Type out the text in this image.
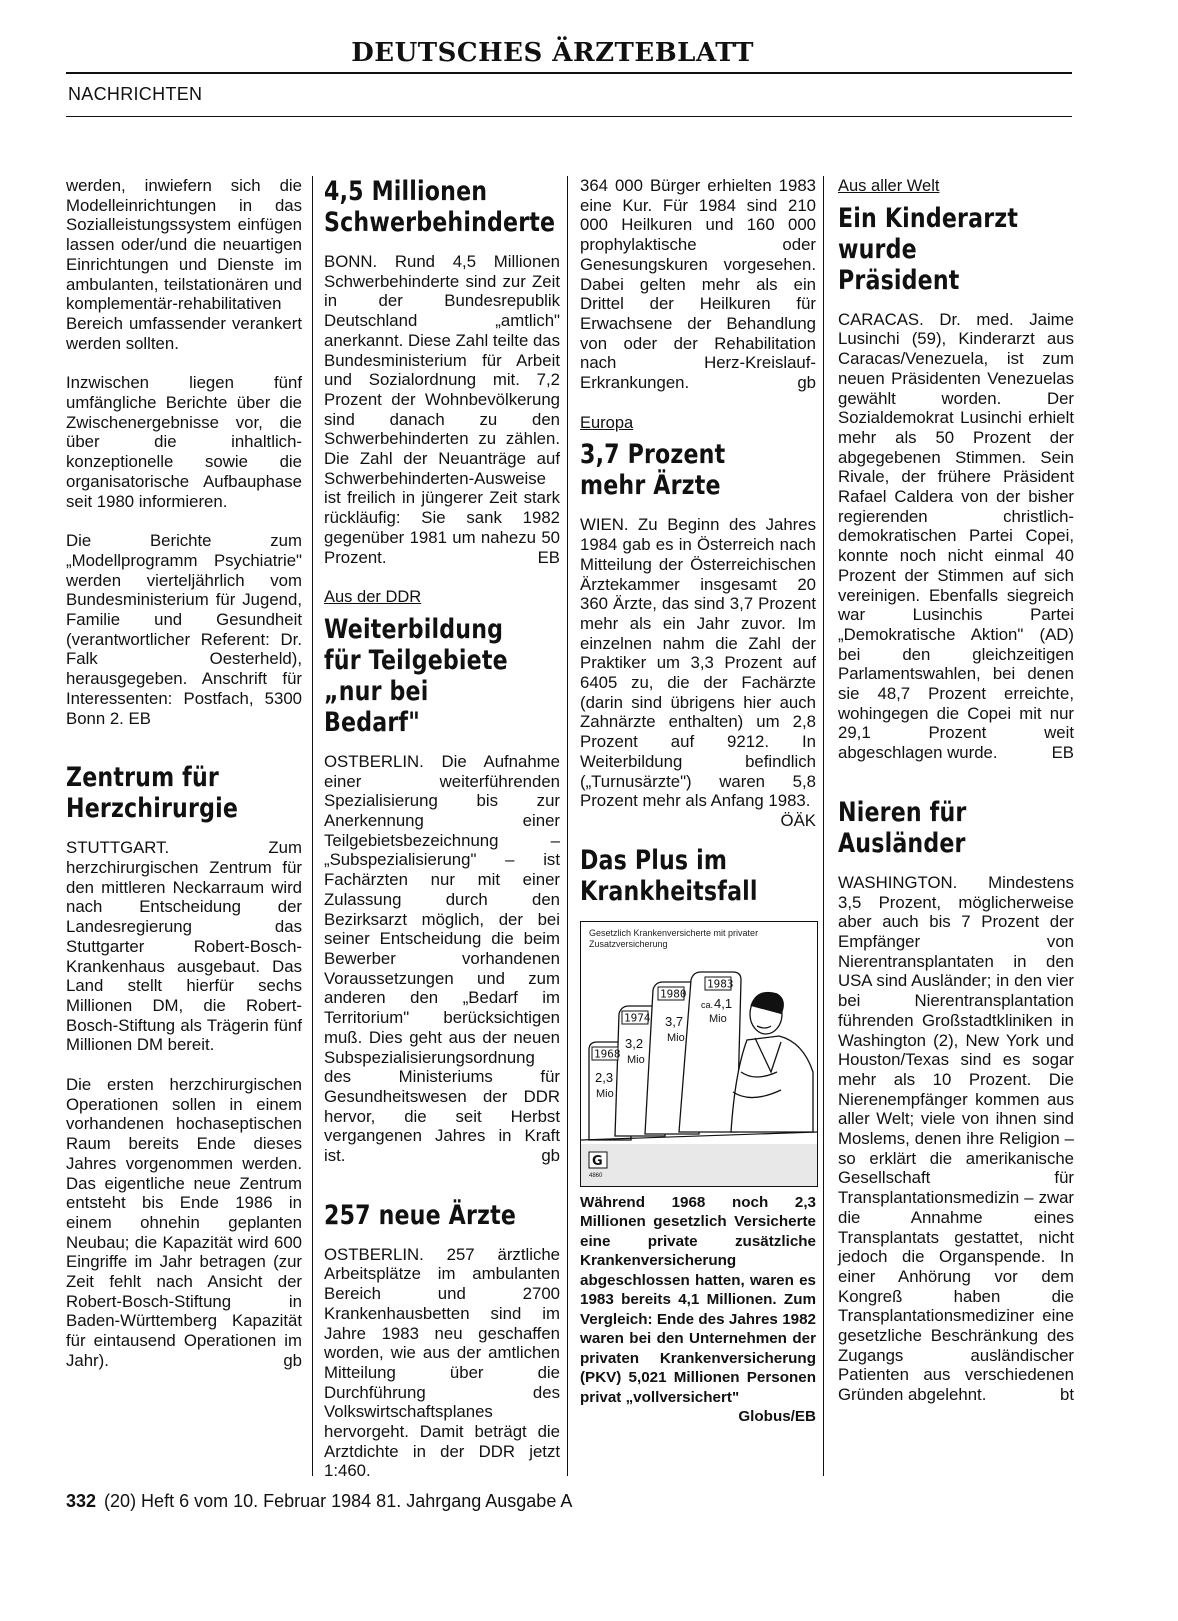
DEUTSCHES ÄRZTEBLATT
NACHRICHTEN

werden, inwiefern sich die Modelleinrichtungen in das Sozialleistungssystem einfügen lassen oder/und die neuartigen Einrichtungen und Dienste im ambulanten, teilstationären und komplementär-rehabilitativen Bereich umfassender verankert werden sollten.

Inzwischen liegen fünf umfängliche Berichte über die Zwischenergebnisse vor, die über die inhaltlich-konzeptionelle sowie die organisatorische Aufbauphase seit 1980 informieren.

Die Berichte zum „Modellprogramm Psychiatrie" werden vierteljährlich vom Bundesministerium für Jugend, Familie und Gesundheit (verantwortlicher Referent: Dr. Falk Oesterheld), herausgegeben. Anschrift für Interessenten: Postfach, 5300 Bonn 2. EB

Zentrum für Herzchirurgie

STUTTGART. Zum herzchirurgischen Zentrum für den mittleren Neckarraum wird nach Entscheidung der Landesregierung das Stuttgarter Robert-Bosch-Krankenhaus ausgebaut. Das Land stellt hierfür sechs Millionen DM, die Robert-Bosch-Stiftung als Trägerin fünf Millionen DM bereit.

Die ersten herzchirurgischen Operationen sollen in einem vorhandenen hochaseptischen Raum bereits Ende dieses Jahres vorgenommen werden. Das eigentliche neue Zentrum entsteht bis Ende 1986 in einem ohnehin geplanten Neubau; die Kapazität wird 600 Eingriffe im Jahr betragen (zur Zeit fehlt nach Ansicht der Robert-Bosch-Stiftung in Baden-Württemberg Kapazität für eintausend Operationen im Jahr).	gb

4,5 Millionen Schwerbehinderte

BONN. Rund 4,5 Millionen Schwerbehinderte sind zur Zeit in der Bundesrepublik Deutschland „amtlich" anerkannt. Diese Zahl teilte das Bundesministerium für Arbeit und Sozialordnung mit. 7,2 Prozent der Wohnbevölkerung sind danach zu den Schwerbehinderten zu zählen. Die Zahl der Neuanträge auf Schwerbehinderten-Ausweise ist freilich in jüngerer Zeit stark rückläufig: Sie sank 1982 gegenüber 1981 um nahezu 50 Prozent.	EB

Aus der DDR
Weiterbildung für Teilgebiete „nur bei Bedarf"

OSTBERLIN. Die Aufnahme einer weiterführenden Spezialisierung bis zur Anerkennung einer Teilgebietsbezeichnung – „Subspezialisierung" – ist Fachärzten nur mit einer Zulassung durch den Bezirksarzt möglich, der bei seiner Entscheidung die beim Bewerber vorhandenen Voraussetzungen und zum anderen den „Bedarf im Territorium" berücksichtigen muß. Dies geht aus der neuen Subspezialisierungsordnung des Ministeriums für Gesundheitswesen der DDR hervor, die seit Herbst vergangenen Jahres in Kraft ist.	gb

257 neue Ärzte

OSTBERLIN. 257 ärztliche Arbeitsplätze im ambulanten Bereich und 2700 Krankenhausbetten sind im Jahre 1983 neu geschaffen worden, wie aus der amtlichen Mitteilung über die Durchführung des Volkswirtschaftsplanes hervorgeht. Damit beträgt die Arztdichte in der DDR jetzt 1:460.

364 000 Bürger erhielten 1983 eine Kur. Für 1984 sind 210 000 Heilkuren und 160 000 prophylaktische oder Genesungskuren vorgesehen. Dabei gelten mehr als ein Drittel der Heilkuren für Erwachsene der Behandlung von oder der Rehabilitation nach Herz-Kreislauf-Erkrankungen.	gb

Europa
3,7 Prozent mehr Ärzte

WIEN. Zu Beginn des Jahres 1984 gab es in Österreich nach Mitteilung der Österreichischen Ärztekammer insgesamt 20 360 Ärzte, das sind 3,7 Prozent mehr als ein Jahr zuvor. Im einzelnen nahm die Zahl der Praktiker um 3,3 Prozent auf 6405 zu, die der Fachärzte (darin sind übrigens hier auch Zahnärzte enthalten) um 2,8 Prozent auf 9212. In Weiterbildung befindlich („Turnusärzte") waren 5,8 Prozent mehr als Anfang 1983.
ÖÄK

Das Plus im Krankheitsfall
Gesetzlich Krankenversicherte mit privater Zusatzversicherung
1968
1974
1980
1983
2,3
Mio
3,2
Mio
3,7
Mio
ca. 4,1
Mio
G
4860

Während 1968 noch 2,3 Millionen gesetzlich Versicherte eine private zusätzliche Krankenversicherung abgeschlossen hatten, waren es 1983 bereits 4,1 Millionen. Zum Vergleich: Ende des Jahres 1982 waren bei den Unternehmen der privaten Krankenversicherung (PKV) 5,021 Millionen Personen privat „vollversichert"
Globus/EB

Aus aller Welt
Ein Kinderarzt wurde Präsident

CARACAS. Dr. med. Jaime Lusinchi (59), Kinderarzt aus Caracas/Venezuela, ist zum neuen Präsidenten Venezuelas gewählt worden. Der Sozialdemokrat Lusinchi erhielt mehr als 50 Prozent der abgegebenen Stimmen. Sein Rivale, der frühere Präsident Rafael Caldera von der bisher regierenden christlich-demokratischen Partei Copei, konnte noch nicht einmal 40 Prozent der Stimmen auf sich vereinigen. Ebenfalls siegreich war Lusinchis Partei „Demokratische Aktion" (AD) bei den gleichzeitigen Parlamentswahlen, bei denen sie 48,7 Prozent erreichte, wohingegen die Copei mit nur 29,1 Prozent weit abgeschlagen wurde.	EB

Nieren für Ausländer

WASHINGTON. Mindestens 3,5 Prozent, möglicherweise aber auch bis 7 Prozent der Empfänger von Nierentransplantaten in den USA sind Ausländer; in den vier bei Nierentransplantation führenden Großstadtkliniken in Washington (2), New York und Houston/Texas sind es sogar mehr als 10 Prozent. Die Nierenempfänger kommen aus aller Welt; viele von ihnen sind Moslems, denen ihre Religion – so erklärt die amerikanische Gesellschaft für Transplantationsmedizin – zwar die Annahme eines Transplantats gestattet, nicht jedoch die Organspende. In einer Anhörung vor dem Kongreß haben die Transplantationsmediziner eine gesetzliche Beschränkung des Zugangs ausländischer Patienten aus verschiedenen Gründen abgelehnt.	bt

332 (20) Heft 6 vom 10. Februar 1984 81. Jahrgang Ausgabe A
